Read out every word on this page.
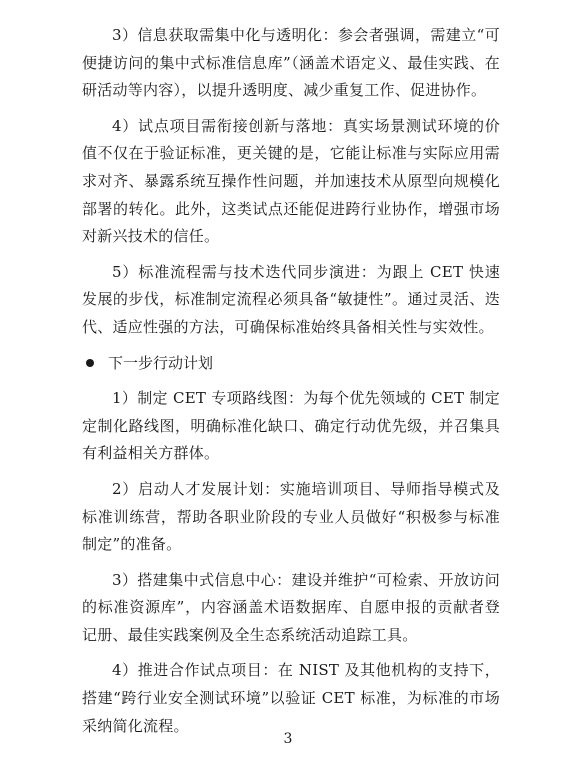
3）信息获取需集中化与透明化：参会者强调，需建立“可便捷访问的集中式标准信息库”（涵盖术语定义、最佳实践、在研活动等内容），以提升透明度、减少重复工作、促进协作。

4）试点项目需衔接创新与落地：真实场景测试环境的价值不仅在于验证标准，更关键的是，它能让标准与实际应用需求对齐、暴露系统互操作性问题，并加速技术从原型向规模化部署的转化。此外，这类试点还能促进跨行业协作，增强市场对新兴技术的信任。

5）标准流程需与技术迭代同步演进：为跟上 CET 快速发展的步伐，标准制定流程必须具备“敏捷性”。通过灵活、迭代、适应性强的方法，可确保标准始终具备相关性与实效性。

下一步行动计划

1）制定 CET 专项路线图：为每个优先领域的 CET 制定定制化路线图，明确标准化缺口、确定行动优先级，并召集具有利益相关方群体。

2）启动人才发展计划：实施培训项目、导师指导模式及标准训练营，帮助各职业阶段的专业人员做好“积极参与标准制定”的准备。

3）搭建集中式信息中心：建设并维护“可检索、开放访问的标准资源库”，内容涵盖术语数据库、自愿申报的贡献者登记册、最佳实践案例及全生态系统活动追踪工具。

4）推进合作试点项目：在 NIST 及其他机构的支持下，搭建“跨行业安全测试环境”以验证 CET 标准，为标准的市场采纳简化流程。

3
